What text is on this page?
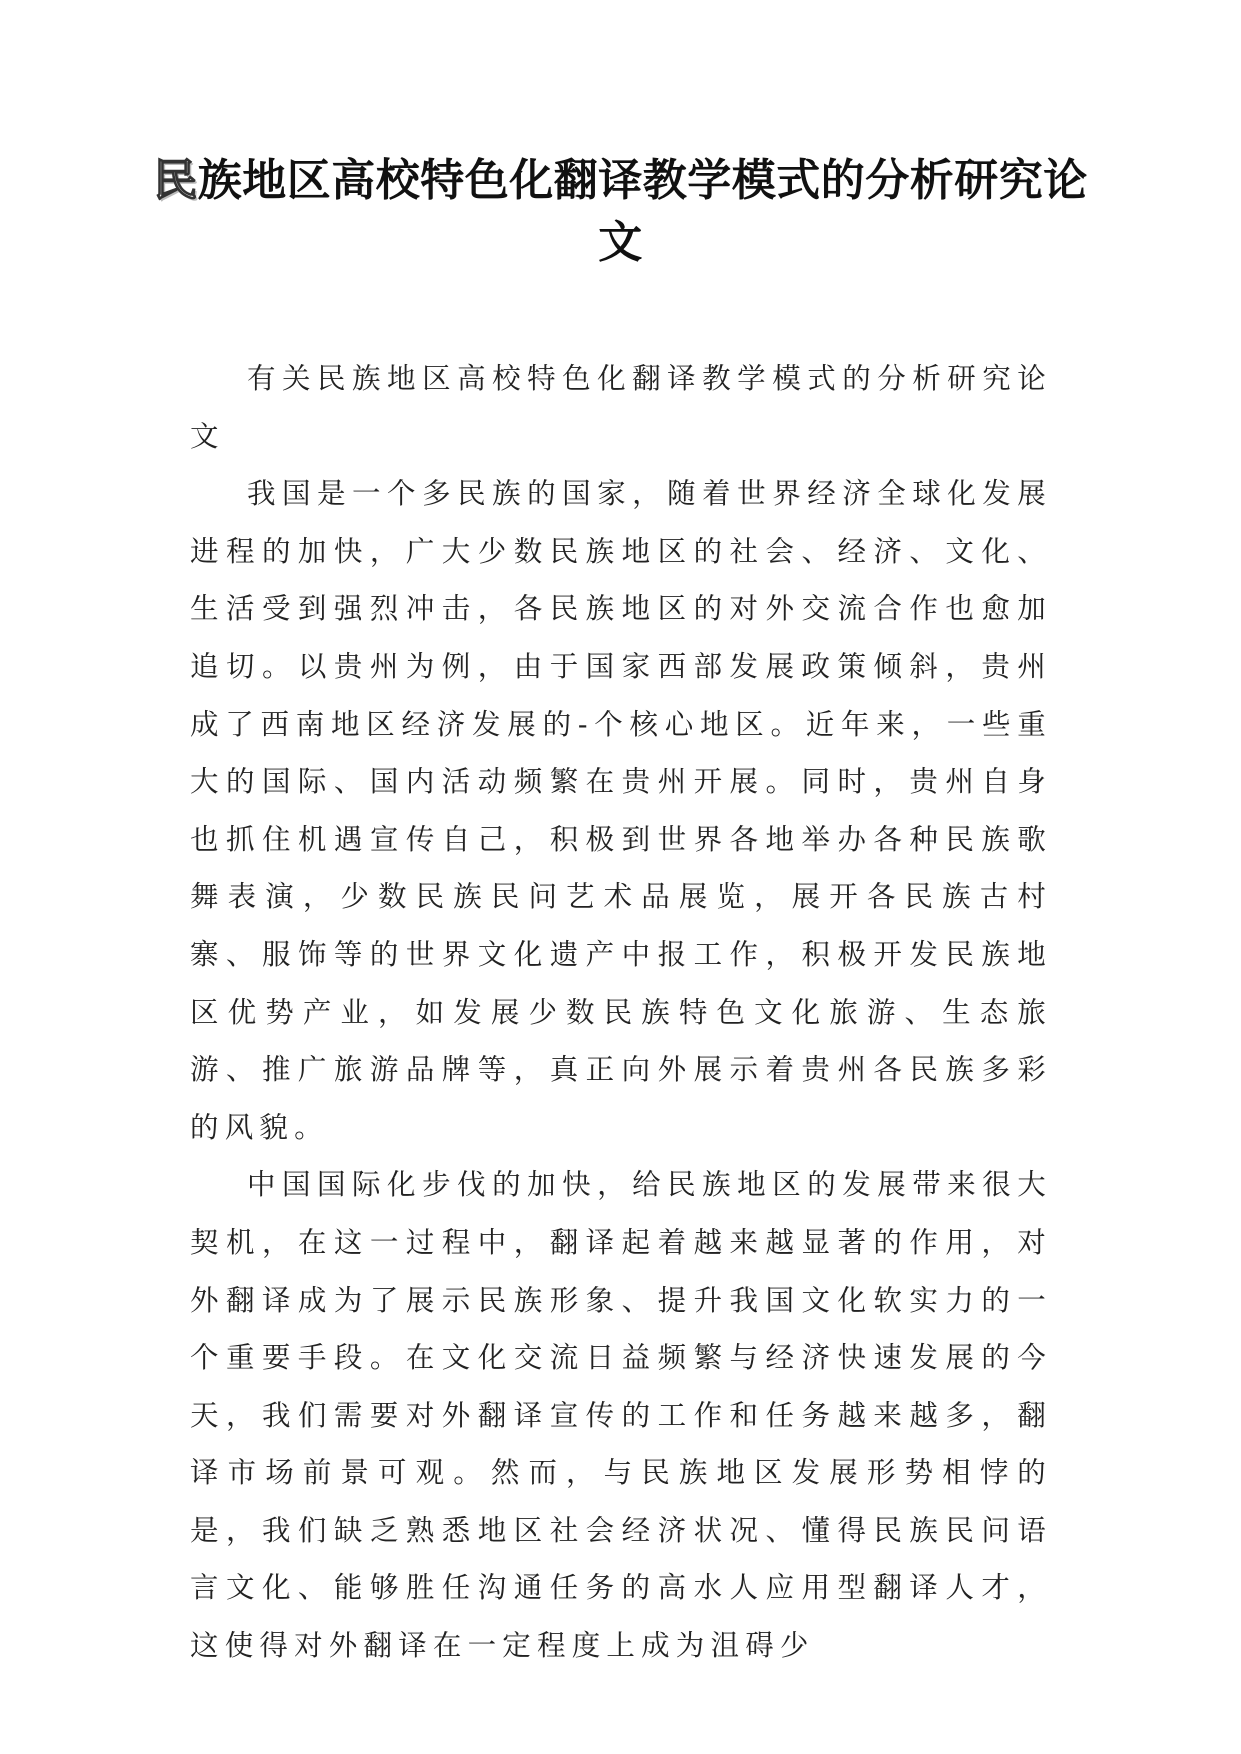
民族地区高校特色化翻译教学模式的分析研究论文

有关民族地区高校特色化翻译教学模式的分析研究论文

我国是一个多民族的国家，随着世界经济全球化发展进程的加快，广大少数民族地区的社会、经济、文化、生活受到强烈冲击，各民族地区的对外交流合作也愈加追切。以贵州为例，由于国家西部发展政策倾斜，贵州成了西南地区经济发展的-个核心地区。近年来，一些重大的国际、国内活动频繁在贵州开展。同时，贵州自身也抓住机遇宣传自己，积极到世界各地举办各种民族歌舞表演，少数民族民问艺术品展览，展开各民族古村寨、服饰等的世界文化遗产中报工作，积极开发民族地区优势产业，如发展少数民族特色文化旅游、生态旅游、推广旅游品牌等，真正向外展示着贵州各民族多彩的风貌。

中国国际化步伐的加快，给民族地区的发展带来很大契机，在这一过程中，翻译起着越来越显著的作用，对外翻译成为了展示民族形象、提升我国文化软实力的一个重要手段。在文化交流日益频繁与经济快速发展的今天，我们需要对外翻译宣传的工作和任务越来越多，翻译市场前景可观。然而，与民族地区发展形势相悖的是，我们缺乏熟悉地区社会经济状况、懂得民族民问语言文化、能够胜任沟通任务的高水人应用型翻译人才，这使得对外翻译在一定程度上成为沮碍少
